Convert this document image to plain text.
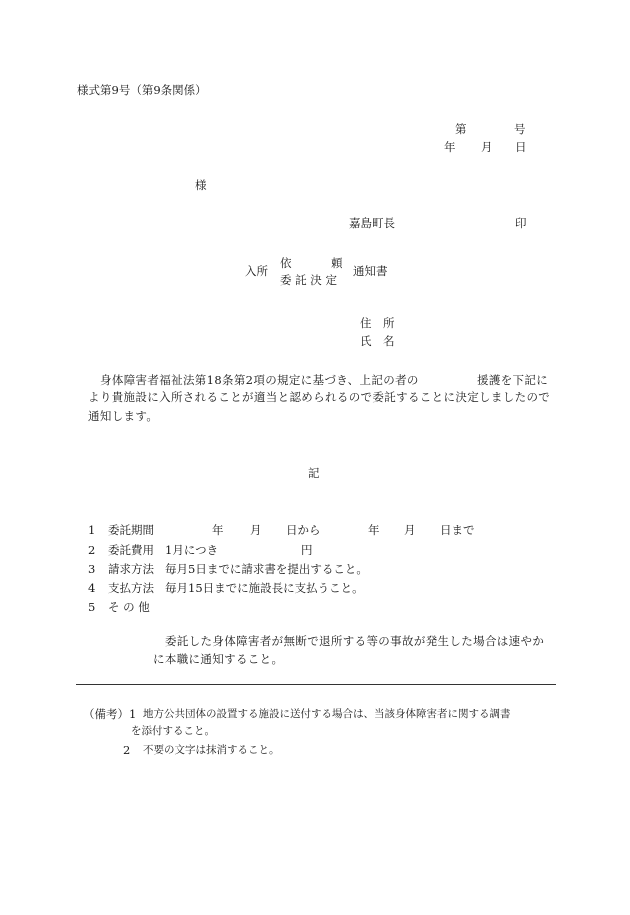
様式第9号（第9条関係）
第	号
年 月 日
様
嘉島町長	印
入所
依	頼
委 託 決 定
通知書
住　所
氏　名
身体障害者福祉法第18条第2項の規定に基づき、上記の者の	援護を下記に
より貴施設に入所されることが適当と認められるので委託することに決定しましたので
通知します。
記
1 委託期間	年 月 日から	年 月 日まで
2 委託費用 1月につき	円
3 請求方法 毎月5日までに請求書を提出すること。
4 支払方法 毎月15日までに施設長に支払うこと。
5 そ の 他
委託した身体障害者が無断で退所する等の事故が発生した場合は速やか
に本職に通知すること。
（備考）1 地方公共団体の設置する施設に送付する場合は、当該身体障害者に関する調書
を添付すること。
2 不要の文字は抹消すること。
